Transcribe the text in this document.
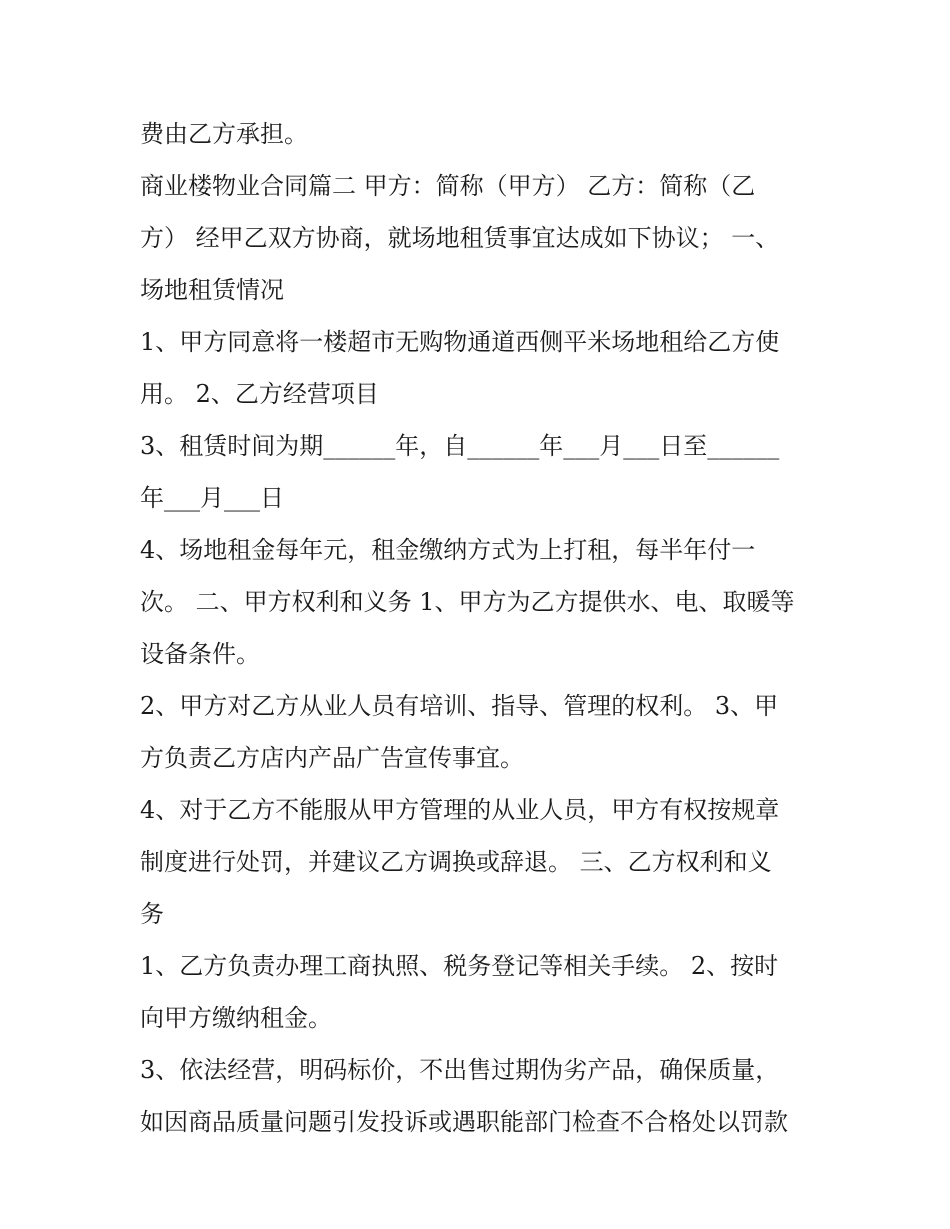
费由乙方承担。
商业楼物业合同篇二 甲方：简称（甲方） 乙方：简称（乙
方） 经甲乙双方协商，就场地租赁事宜达成如下协议； 一、
场地租赁情况
1、甲方同意将一楼超市无购物通道西侧平米场地租给乙方使
用。 2、乙方经营项目
3、租赁时间为期______年，自______年___月___日至______
年___月___日
4、场地租金每年元，租金缴纳方式为上打租，每半年付一
次。 二、甲方权利和义务 1、甲方为乙方提供水、电、取暖等
设备条件。
2、甲方对乙方从业人员有培训、指导、管理的权利。 3、甲
方负责乙方店内产品广告宣传事宜。
4、对于乙方不能服从甲方管理的从业人员，甲方有权按规章
制度进行处罚，并建议乙方调换或辞退。 三、乙方权利和义
务
1、乙方负责办理工商执照、税务登记等相关手续。 2、按时
向甲方缴纳租金。
3、依法经营，明码标价，不出售过期伪劣产品，确保质量，
如因商品质量问题引发投诉或遇职能部门检查不合格处以罚款
